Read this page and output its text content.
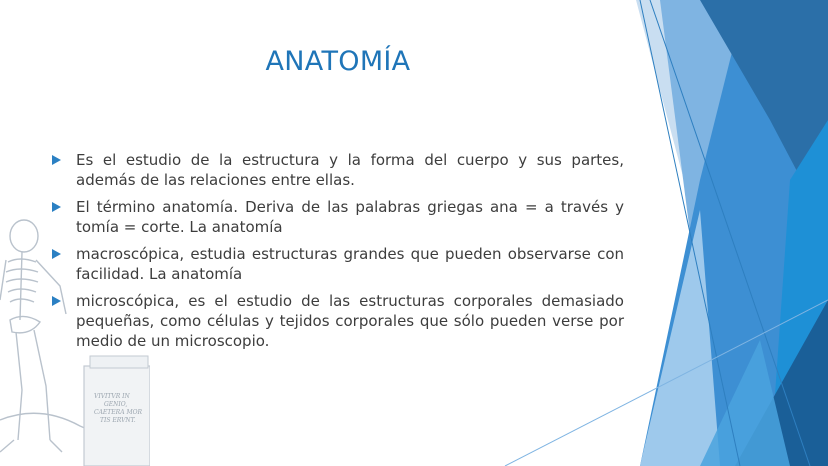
VIVITVR IN
GENIO,
CAETERA MOR
TIS ERVNT.
ANATOMÍA
Es el estudio de la estructura y la forma del cuerpo y sus partes, además de las relaciones entre ellas.
El término anatomía. Deriva de las palabras griegas ana = a través y tomía = corte. La anatomía
macroscópica, estudia estructuras grandes que pueden observarse con facilidad. La anatomía
microscópica, es el estudio de las estructuras corporales demasiado pequeñas, como células y tejidos corporales que sólo pueden verse por medio de un microscopio.
